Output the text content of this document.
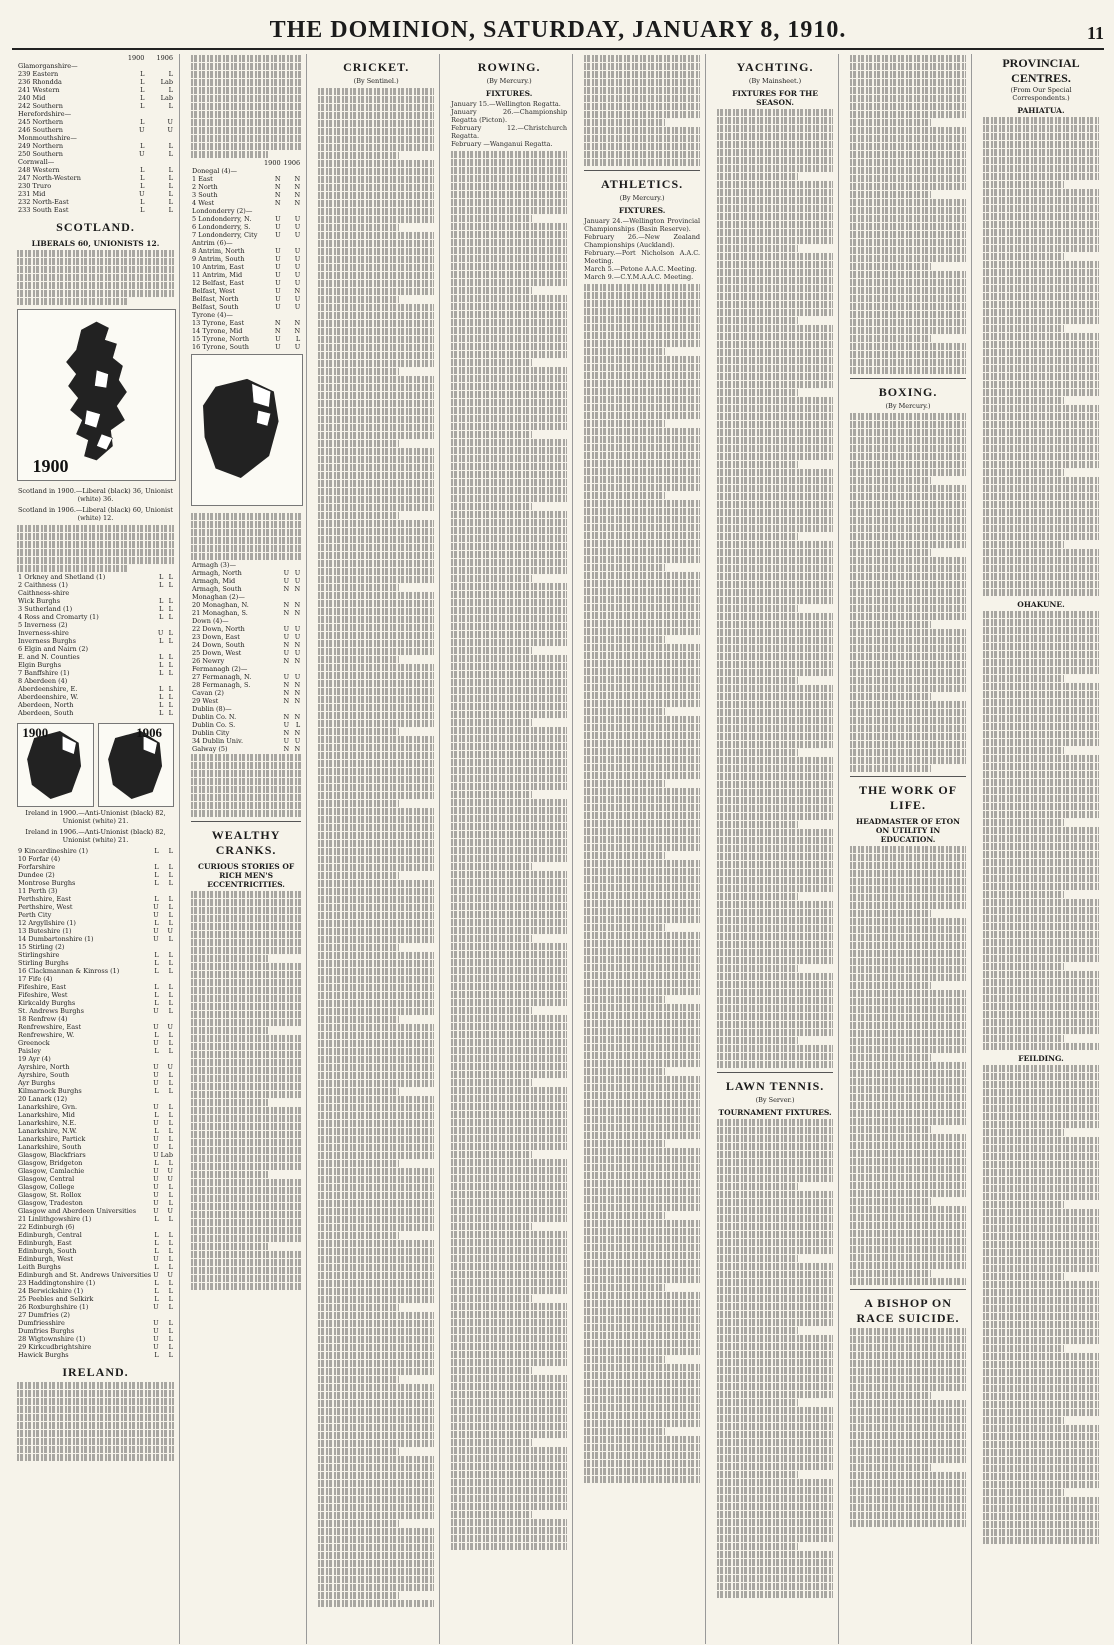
THE DOMINION, SATURDAY, JANUARY 8, 1910.	11
	1900	1906
Glamorganshire—		
239 Eastern	L	L
236 Rhondda	L	Lab
241 Western	L	L
240 Mid	L	Lab
242 Southern	L	L
Herefordshire—		
245 Northern	L	U
246 Southern	U	U
Monmouthshire—		
249 Northern	L	L
250 Southern	U	L
Cornwall—		
248 Western	L	L
247 North-Western	L	L
230 Truro	L	L
231 Mid	U	L
232 North-East	L	L
233 South East	L	L
SCOTLAND.
LIBERALS 60, UNIONISTS 12.
1900
Scotland in 1900.—Liberal (black) 36, Unionist (white) 36.
Scotland in 1906.—Liberal (black) 60, Unionist (white) 12.
1 Orkney and Shetland (1)	L	L
2 Caithness (1)	L	L
Caithness-shire		
Wick Burghs	L	L
3 Sutherland (1)	L	L
4 Ross and Cromarty (1)	L	L
5 Inverness (2)		
Inverness-shire	U	L
Inverness Burghs	L	L
6 Elgin and Nairn (2)		
E. and N. Counties	L	L
Elgin Burghs	L	L
7 Banffshire (1)	L	L
8 Aberdeen (4)		
Aberdeenshire, E.	L	L
Aberdeenshire, W.	L	L
Aberdeen, North	L	L
Aberdeen, South	L	L
1900	1906
Ireland in 1900.—Anti-Unionist (black) 82, Unionist (white) 21.
Ireland in 1906.—Anti-Unionist (black) 82, Unionist (white) 21.
9 Kincardineshire (1)	L	L
10 Forfar (4)		
Forfarshire	L	L
Dundee (2)	L	L
Montrose Burghs	L	L
11 Perth (3)		
Perthshire, East	L	L
Perthshire, West	U	L
Perth City	U	L
12 Argyllshire (1)	L	L
13 Buteshire (1)	U	U
14 Dumbartonshire (1)	U	L
15 Stirling (2)		
Stirlingshire	L	L
Stirling Burghs	L	L
16 Clackmannan & Kinross (1)	L	L
17 Fife (4)		
Fifeshire, East	L	L
Fifeshire, West	L	L
Kirkcaldy Burghs	L	L
St. Andrews Burghs	U	L
18 Renfrew (4)		
Renfrewshire, East	U	U
Renfrewshire, W.	L	L
Greenock	U	L
Paisley	L	L
19 Ayr (4)		
Ayrshire, North	U	U
Ayrshire, South	U	L
Ayr Burghs	U	L
Kilmarnock Burghs	L	L
20 Lanark (12)		
Lanarkshire, Gvn.	U	L
Lanarkshire, Mid	L	L
Lanarkshire, N.E.	U	L
Lanarkshire, N.W.	L	L
Lanarkshire, Partick	U	L
Lanarkshire, South	U	L
Glasgow, Blackfriars	U	Lab
Glasgow, Bridgeton	L	L
Glasgow, Camlachie	U	U
Glasgow, Central	U	U
Glasgow, College	U	L
Glasgow, St. Rollox	U	L
Glasgow, Tradeston	U	L
Glasgow and Aberdeen Universities	U	U
21 Linlithgowshire (1)	L	L
22 Edinburgh (6)		
Edinburgh, Central	L	L
Edinburgh, East	L	L
Edinburgh, South	L	L
Edinburgh, West	U	L
Leith Burghs	L	L
Edinburgh and St. Andrews Universities	U	U
23 Haddingtonshire (1)	L	L
24 Berwickshire (1)	L	L
25 Peebles and Selkirk	L	L
26 Roxburghshire (1)	U	L
27 Dumfries (2)		
Dumfriesshire	U	L
Dumfries Burghs	U	L
28 Wigtownshire (1)	U	L
29 Kirkcudbrightshire	U	L
Hawick Burghs	L	L
IRELAND.
	1900	1906
Donegal (4)—		
1 East	N	N
2 North	N	N
3 South	N	N
4 West	N	N
Londonderry (2)—		
5 Londonderry, N.	U	U
6 Londonderry, S.	U	U
7 Londonderry, City	U	U
Antrim (6)—		
8 Antrim, North	U	U
9 Antrim, South	U	U
10 Antrim, East	U	U
11 Antrim, Mid	U	U
12 Belfast, East	U	U
Belfast, West	U	N
Belfast, North	U	U
Belfast, South	U	U
Tyrone (4)—		
13 Tyrone, East	N	N
14 Tyrone, Mid	N	N
15 Tyrone, North	U	L
16 Tyrone, South	U	U
Armagh (3)—		
Armagh, North	U	U
Armagh, Mid	U	U
Armagh, South	N	N
Monaghan (2)—		
20 Monaghan, N.	N	N
21 Monaghan, S.	N	N
Down (4)—		
22 Down, North	U	U
23 Down, East	U	U
24 Down, South	N	N
25 Down, West	U	U
26 Newry	N	N
Fermanagh (2)—		
27 Fermanagh, N.	U	U
28 Fermanagh, S.	N	N
Cavan (2)	N	N
29 West	N	N
Dublin (8)—		
Dublin Co. N.	N	N
Dublin Co. S.	U	L
Dublin City	N	N
34 Dublin Univ.	U	U
Galway (5)	N	N
WEALTHY CRANKS.
CURIOUS STORIES OF RICH MEN'S ECCENTRICITIES.
CRICKET.
(By Sentinel.)
ROWING.
(By Mercury.)
FIXTURES.
January 15.—Wellington Regatta.
January 26.—Championship Regatta (Picton).
February 12.—Christchurch Regatta.
February —Wanganui Regatta.
ATHLETICS.
(By Mercury.)
FIXTURES.
January 24.—Wellington Provincial Championships (Basin Reserve).
February 26.—New Zealand Championships (Auckland).
February.—Port Nicholson A.A.C. Meeting.
March 5.—Petone A.A.C. Meeting.
March 9.—C.Y.M.A.A.C. Meeting.
YACHTING.
(By Mainsheet.)
FIXTURES FOR THE SEASON.
LAWN TENNIS.
(By Server.)
TOURNAMENT FIXTURES.
BOXING.
(By Mercury.)
THE WORK OF LIFE.
HEADMASTER OF ETON ON UTILITY IN EDUCATION.
A BISHOP ON RACE SUICIDE.
PROVINCIAL CENTRES.
(From Our Special Correspondents.)
PAHIATUA.
OHAKUNE.
FEILDING.
